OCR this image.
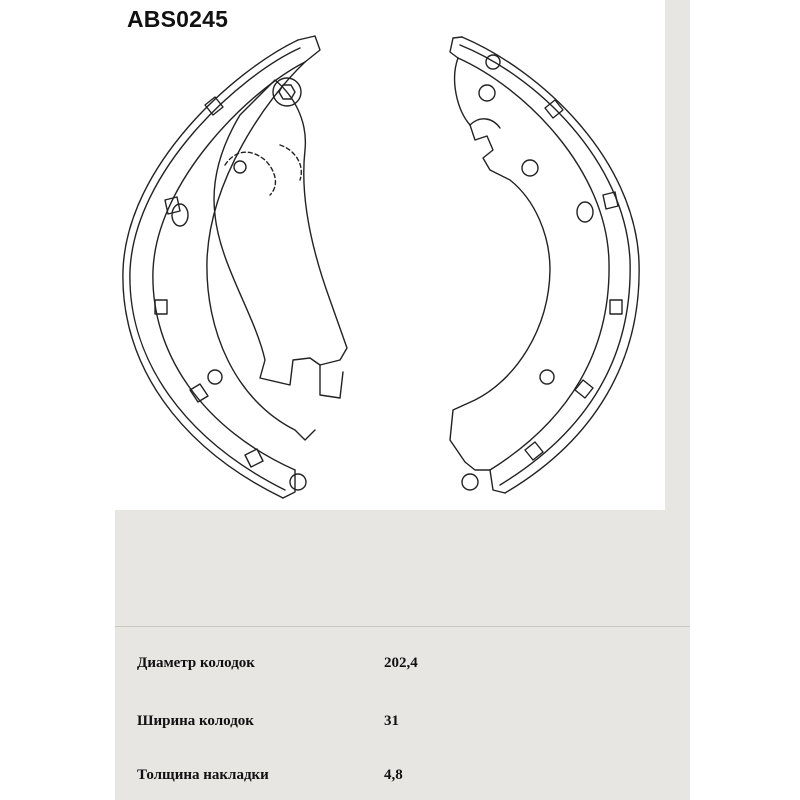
ABS0245
Диаметр колодок	202,4
Ширина колодок	31
Толщина накладки	4,8
